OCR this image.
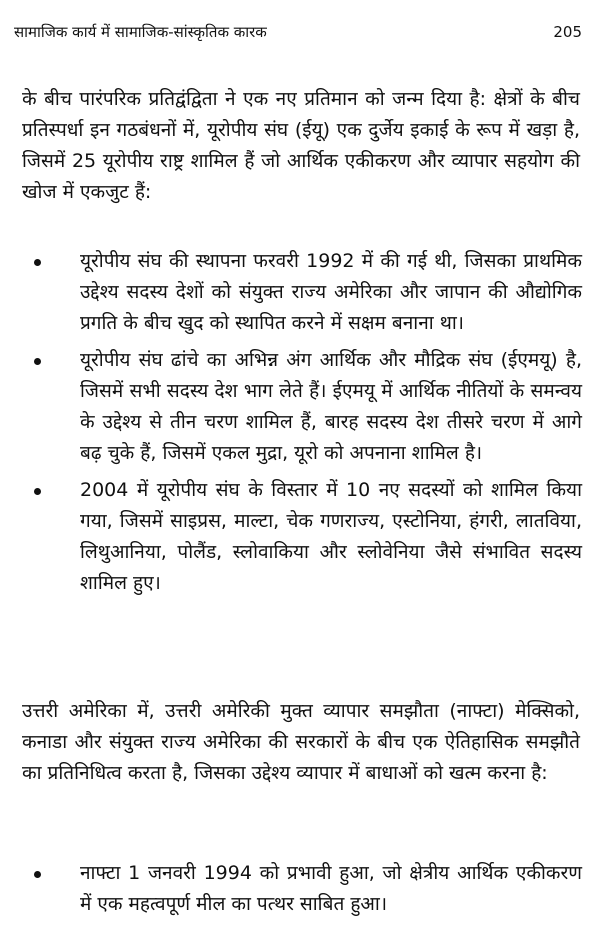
सामाजिक कार्य में सामाजिक-सांस्कृतिक कारक	205

के बीच पारंपरिक प्रतिद्वंद्विता ने एक नए प्रतिमान को जन्म दिया है: क्षेत्रों के बीच प्रतिस्पर्धा इन गठबंधनों में, यूरोपीय संघ (ईयू) एक दुर्जेय इकाई के रूप में खड़ा है, जिसमें 25 यूरोपीय राष्ट्र शामिल हैं जो आर्थिक एकीकरण और व्यापार सहयोग की खोज में एकजुट हैं:

यूरोपीय संघ की स्थापना फरवरी 1992 में की गई थी, जिसका प्राथमिक उद्देश्य सदस्य देशों को संयुक्त राज्य अमेरिका और जापान की औद्योगिक प्रगति के बीच खुद को स्थापित करने में सक्षम बनाना था।
यूरोपीय संघ ढांचे का अभिन्न अंग आर्थिक और मौद्रिक संघ (ईएमयू) है, जिसमें सभी सदस्य देश भाग लेते हैं। ईएमयू में आर्थिक नीतियों के समन्वय के उद्देश्य से तीन चरण शामिल हैं, बारह सदस्य देश तीसरे चरण में आगे बढ़ चुके हैं, जिसमें एकल मुद्रा, यूरो को अपनाना शामिल है।
2004 में यूरोपीय संघ के विस्तार में 10 नए सदस्यों को शामिल किया गया, जिसमें साइप्रस, माल्टा, चेक गणराज्य, एस्टोनिया, हंगरी, लातविया, लिथुआनिया, पोलैंड, स्लोवाकिया और स्लोवेनिया जैसे संभावित सदस्य शामिल हुए।

उत्तरी अमेरिका में, उत्तरी अमेरिकी मुक्त व्यापार समझौता (नाफ्टा) मेक्सिको, कनाडा और संयुक्त राज्य अमेरिका की सरकारों के बीच एक ऐतिहासिक समझौते का प्रतिनिधित्व करता है, जिसका उद्देश्य व्यापार में बाधाओं को खत्म करना है:

नाफ्टा 1 जनवरी 1994 को प्रभावी हुआ, जो क्षेत्रीय आर्थिक एकीकरण में एक महत्वपूर्ण मील का पत्थर साबित हुआ।
